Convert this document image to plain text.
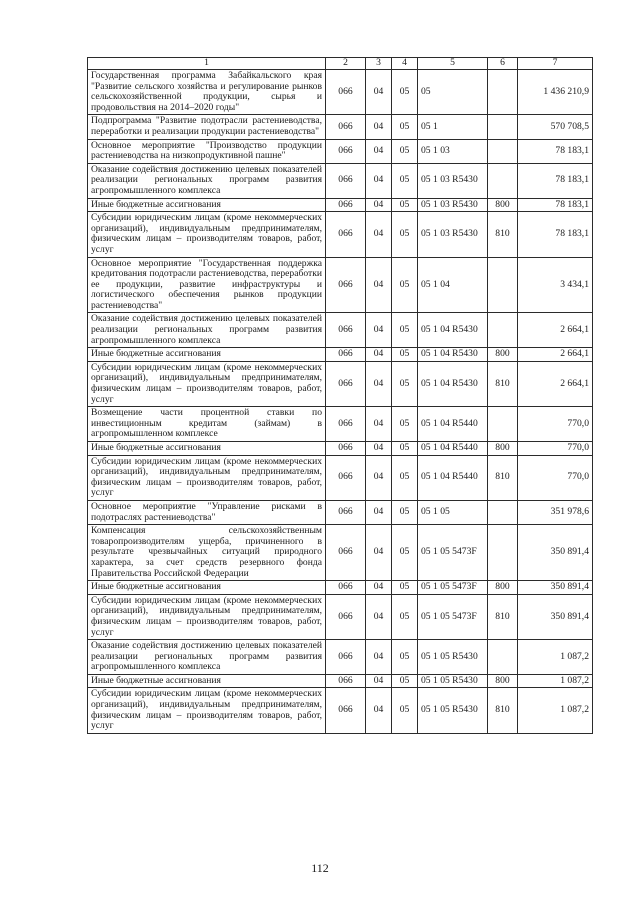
1	2	3	4	5	6	7
Государственная программа Забайкальского края "Развитие сельского хозяйства и регулирование рынков сельскохозяйственной продукции, сырья и продовольствия на 2014–2020 годы"	066	04	05	05		1 436 210,9
Подпрограмма "Развитие подотрасли растениеводства, переработки и реализации продукции растениеводства"	066	04	05	05 1		570 708,5
Основное мероприятие "Производство продукции растениеводства на низкопродуктивной пашне"	066	04	05	05 1 03		78 183,1
Оказание содействия достижению целевых показателей реализации региональных программ развития агропромышленного комплекса	066	04	05	05 1 03 R5430		78 183,1
Иные бюджетные ассигнования	066	04	05	05 1 03 R5430	800	78 183,1
Субсидии юридическим лицам (кроме некоммерческих организаций), индивидуальным предпринимателям, физическим лицам – производителям товаров, работ, услуг	066	04	05	05 1 03 R5430	810	78 183,1
Основное мероприятие "Государственная поддержка кредитования подотрасли растениеводства, переработки ее продукции, развитие инфраструктуры и логистического обеспечения рынков продукции растениеводства"	066	04	05	05 1 04		3 434,1
Оказание содействия достижению целевых показателей реализации региональных программ развития агропромышленного комплекса	066	04	05	05 1 04 R5430		2 664,1
Иные бюджетные ассигнования	066	04	05	05 1 04 R5430	800	2 664,1
Субсидии юридическим лицам (кроме некоммерческих организаций), индивидуальным предпринимателям, физическим лицам – производителям товаров, работ, услуг	066	04	05	05 1 04 R5430	810	2 664,1
Возмещение части процентной ставки по инвестиционным кредитам (займам) в агропромышленном комплексе	066	04	05	05 1 04 R5440		770,0
Иные бюджетные ассигнования	066	04	05	05 1 04 R5440	800	770,0
Субсидии юридическим лицам (кроме некоммерческих организаций), индивидуальным предпринимателям, физическим лицам – производителям товаров, работ, услуг	066	04	05	05 1 04 R5440	810	770,0
Основное мероприятие "Управление рисками в подотраслях растениеводства"	066	04	05	05 1 05		351 978,6
Компенсация сельскохозяйственным товаропроизводителям ущерба, причиненного в результате чрезвычайных ситуаций природного характера, за счет средств резервного фонда Правительства Российской Федерации	066	04	05	05 1 05 5473F		350 891,4
Иные бюджетные ассигнования	066	04	05	05 1 05 5473F	800	350 891,4
Субсидии юридическим лицам (кроме некоммерческих организаций), индивидуальным предпринимателям, физическим лицам – производителям товаров, работ, услуг	066	04	05	05 1 05 5473F	810	350 891,4
Оказание содействия достижению целевых показателей реализации региональных программ развития агропромышленного комплекса	066	04	05	05 1 05 R5430		1 087,2
Иные бюджетные ассигнования	066	04	05	05 1 05 R5430	800	1 087,2
Субсидии юридическим лицам (кроме некоммерческих организаций), индивидуальным предпринимателям, физическим лицам – производителям товаров, работ, услуг	066	04	05	05 1 05 R5430	810	1 087,2
112
